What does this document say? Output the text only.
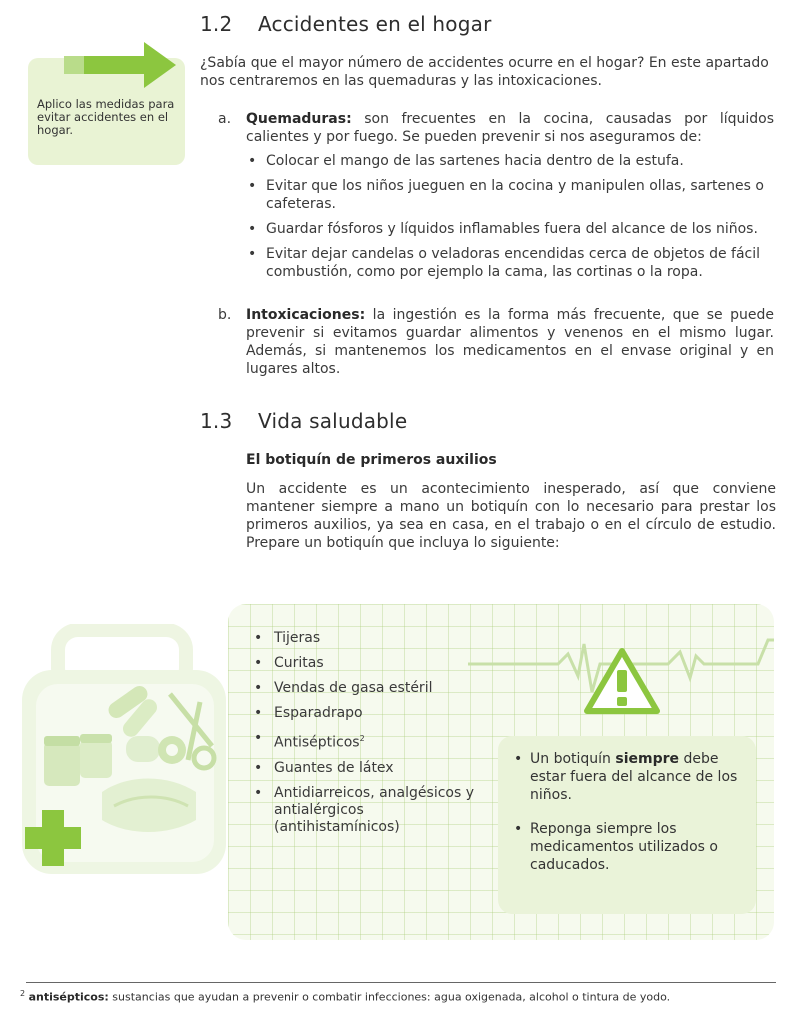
Aplico las medidas para evitar accidentes en el hogar.
1.2 Accidentes en el hogar
¿Sabía que el mayor número de accidentes ocurre en el hogar? En este apartado nos centraremos en las quemaduras y las intoxicaciones.
a. Quemaduras: son frecuentes en la cocina, causadas por líquidos calientes y por fuego. Se pueden prevenir si nos aseguramos de:
• Colocar el mango de las sartenes hacia dentro de la estufa.
• Evitar que los niños jueguen en la cocina y manipulen ollas, sartenes o cafeteras.
• Guardar fósforos y líquidos inflamables fuera del alcance de los niños.
• Evitar dejar candelas o veladoras encendidas cerca de objetos de fácil combustión, como por ejemplo la cama, las cortinas o la ropa.
b. Intoxicaciones: la ingestión es la forma más frecuente, que se puede prevenir si evitamos guardar alimentos y venenos en el mismo lugar. Además, si mantenemos los medicamentos en el envase original y en lugares altos.
1.3 Vida saludable
El botiquín de primeros auxilios
Un accidente es un acontecimiento inesperado, así que conviene mantener siempre a mano un botiquín con lo necesario para prestar los primeros auxilios, ya sea en casa, en el trabajo o en el círculo de estudio. Prepare un botiquín que incluya lo siguiente:
• Tijeras
• Curitas
• Vendas de gasa estéril
• Esparadrapo
• Antisépticos$^2$
• Guantes de látex
• Antidiarreicos, analgésicos y antialérgicos (antihistamínicos)
• Un botiquín siempre debe estar fuera del alcance de los niños.
• Reponga siempre los medicamentos utilizados o caducados.
$^2$ antisépticos: sustancias que ayudan a prevenir o combatir infecciones: agua oxigenada, alcohol o tintura de yodo.
